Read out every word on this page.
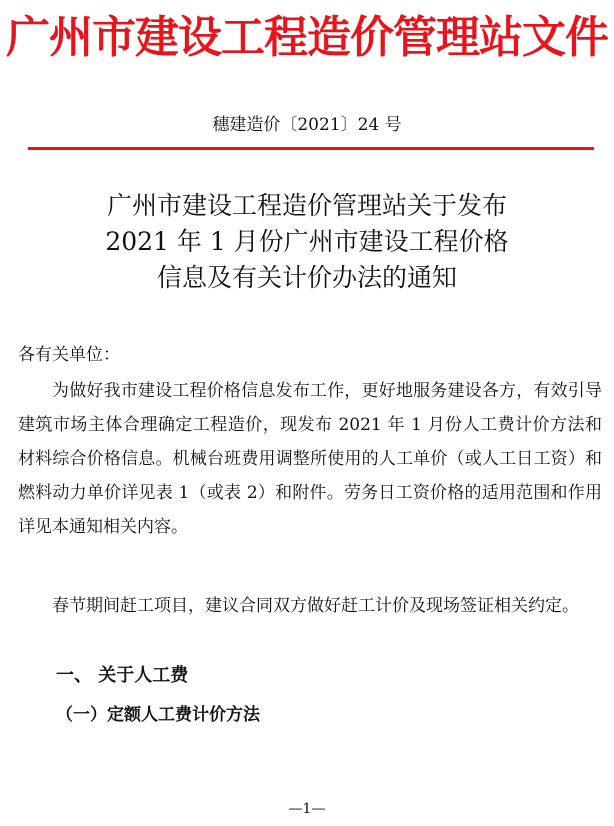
广州市建设工程造价管理站文件
穗建造价〔2021〕24 号
广州市建设工程造价管理站关于发布
2021 年 1 月份广州市建设工程价格
信息及有关计价办法的通知
各有关单位：

为做好我市建设工程价格信息发布工作，更好地服务建设各方，有效引导建筑市场主体合理确定工程造价，现发布 2021 年 1 月份人工费计价方法和材料综合价格信息。机械台班费用调整所使用的人工单价（或人工日工资）和燃料动力单价详见表 1（或表 2）和附件。劳务日工资价格的适用范围和作用详见本通知相关内容。

春节期间赶工项目，建议合同双方做好赶工计价及现场签证相关约定。

一、 关于人工费
（一）定额人工费计价方法
—1—
